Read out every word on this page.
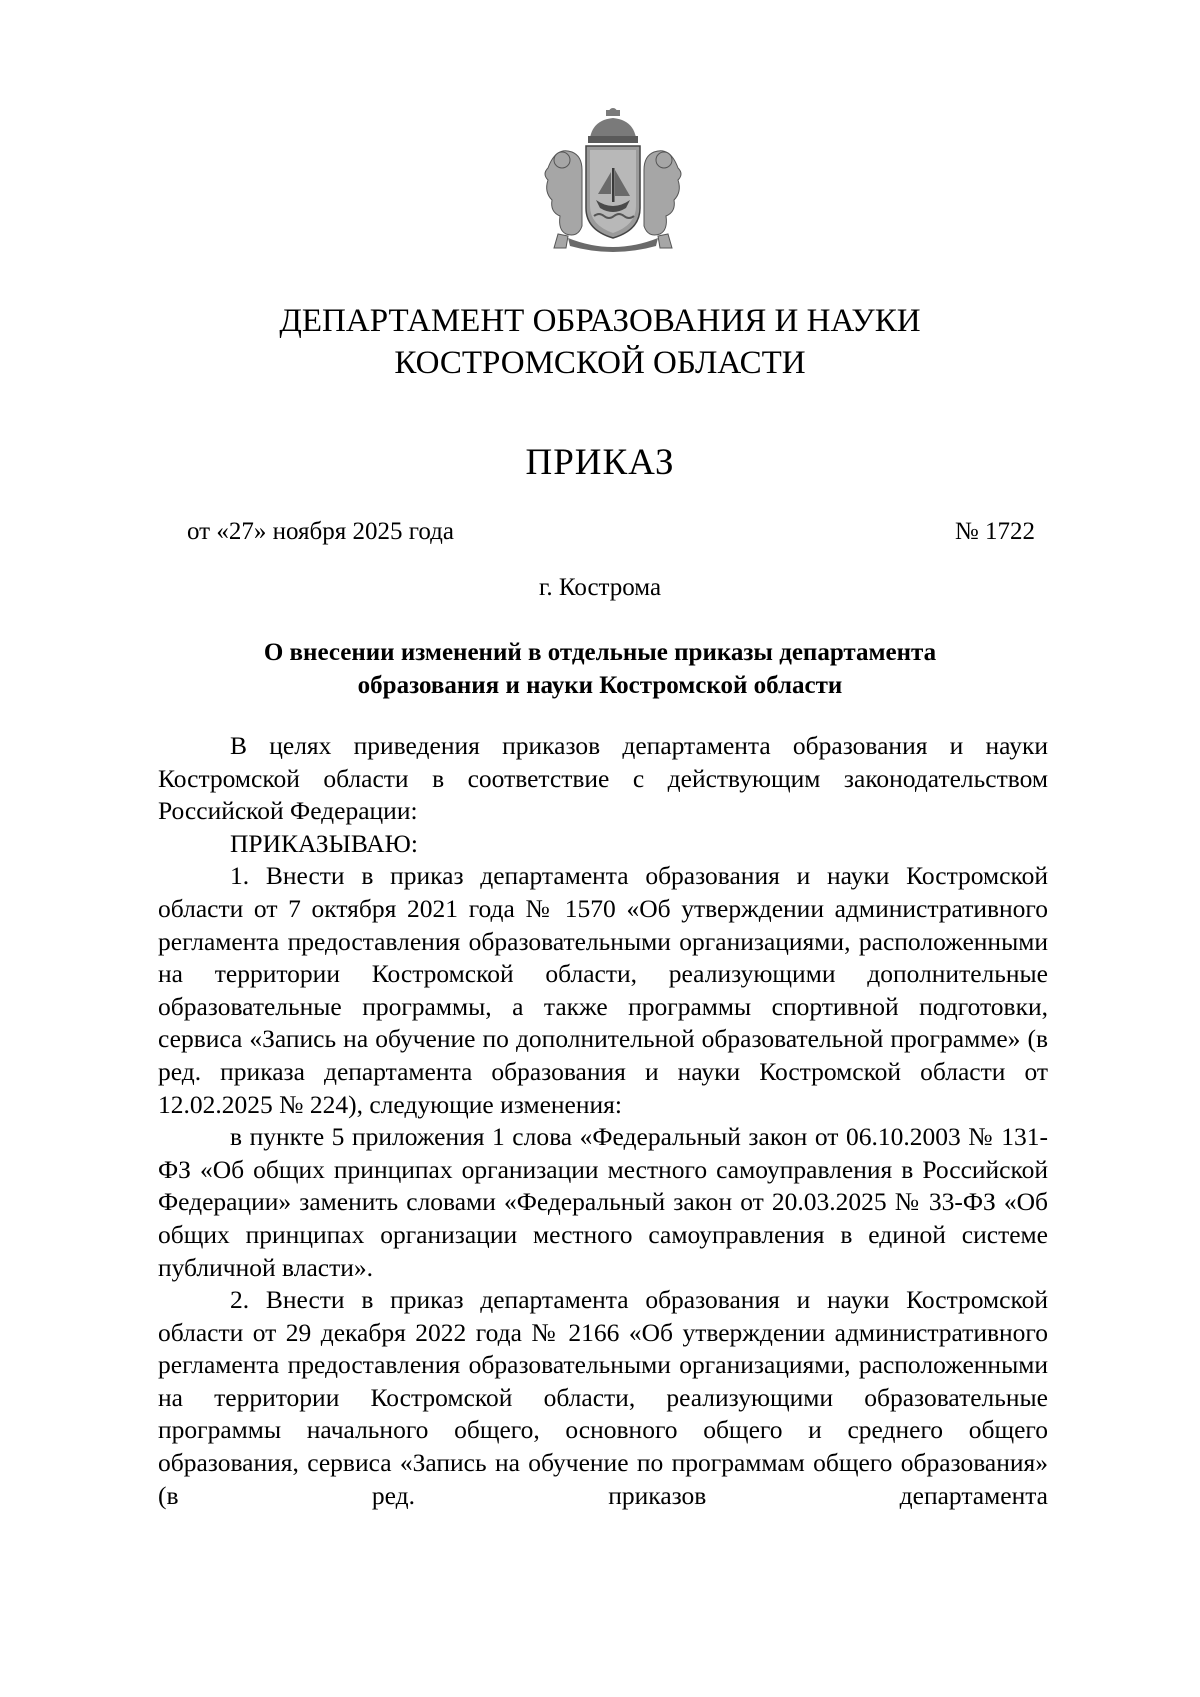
ДЕПАРТАМЕНТ ОБРАЗОВАНИЯ И НАУКИ
КОСТРОМСКОЙ ОБЛАСТИ
ПРИКАЗ
от «27» ноября 2025 года	№ 1722
г. Кострома
О внесении изменений в отдельные приказы департамента
образования и науки Костромской области

В целях приведения приказов департамента образования и науки Костромской области в соответствие с действующим законодательством Российской Федерации:

ПРИКАЗЫВАЮ:

1. Внести в приказ департамента образования и науки Костромской области от 7 октября 2021 года № 1570 «Об утверждении административного регламента предоставления образовательными организациями, расположенными на территории Костромской области, реализующими дополнительные образовательные программы, а также программы спортивной подготовки, сервиса «Запись на обучение по дополнительной образовательной программе» (в ред. приказа департамента образования и науки Костромской области от 12.02.2025 № 224), следующие изменения:

в пункте 5 приложения 1 слова «Федеральный закон от 06.10.2003 № 131-ФЗ «Об общих принципах организации местного самоуправления в Российской Федерации» заменить словами «Федеральный закон от 20.03.2025 № 33-ФЗ «Об общих принципах организации местного самоуправления в единой системе публичной власти».

2. Внести в приказ департамента образования и науки Костромской области от 29 декабря 2022 года № 2166 «Об утверждении административного регламента предоставления образовательными организациями, расположенными на территории Костромской области, реализующими образовательные программы начального общего, основного общего и среднего общего образования, сервиса «Запись на обучение по программам общего образования» (в ред. приказов департамента
